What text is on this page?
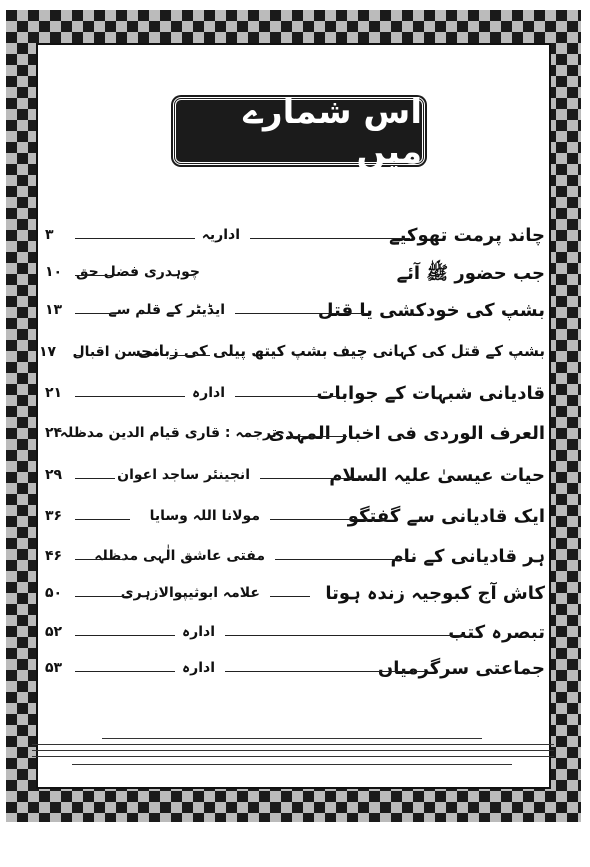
اس شمارے میں
چاند پرمت تھوکیے
اداریہ
۳
جب حضور ﷺ آئے
چوہدری فضل حق
۱۰
بشپ کی خودکشی یا قتل
ایڈیٹر کے قلم سے
۱۳
بشپ کے قتل کی کہانی چیف بشپ کیتھ پیلی کی زبانی
محسن اقبال
۱۷
قادیانی شبہات کے جوابات
ادارہ
۲۱
العرف الوردی فی اخبار المہدی
ترجمہ : قاری قیام الدین مدظلہ
۲۴
حیات عیسیٰ علیہ السلام
انجینئر ساجد اعوان
۲۹
ایک قادیانی سے گفتگو
مولانا اللہ وسایا
۳۶
ہر قادیانی کے نام
مفتی عاشق الٰہی مدظلہ
۴۶
کاش آج کبوجیہ زندہ ہوتا
علامہ ابوثیپوالازہری
۵۰
تبصرہ کتب
ادارہ
۵۲
جماعتی سرگرمیاں
ادارہ
۵۳
